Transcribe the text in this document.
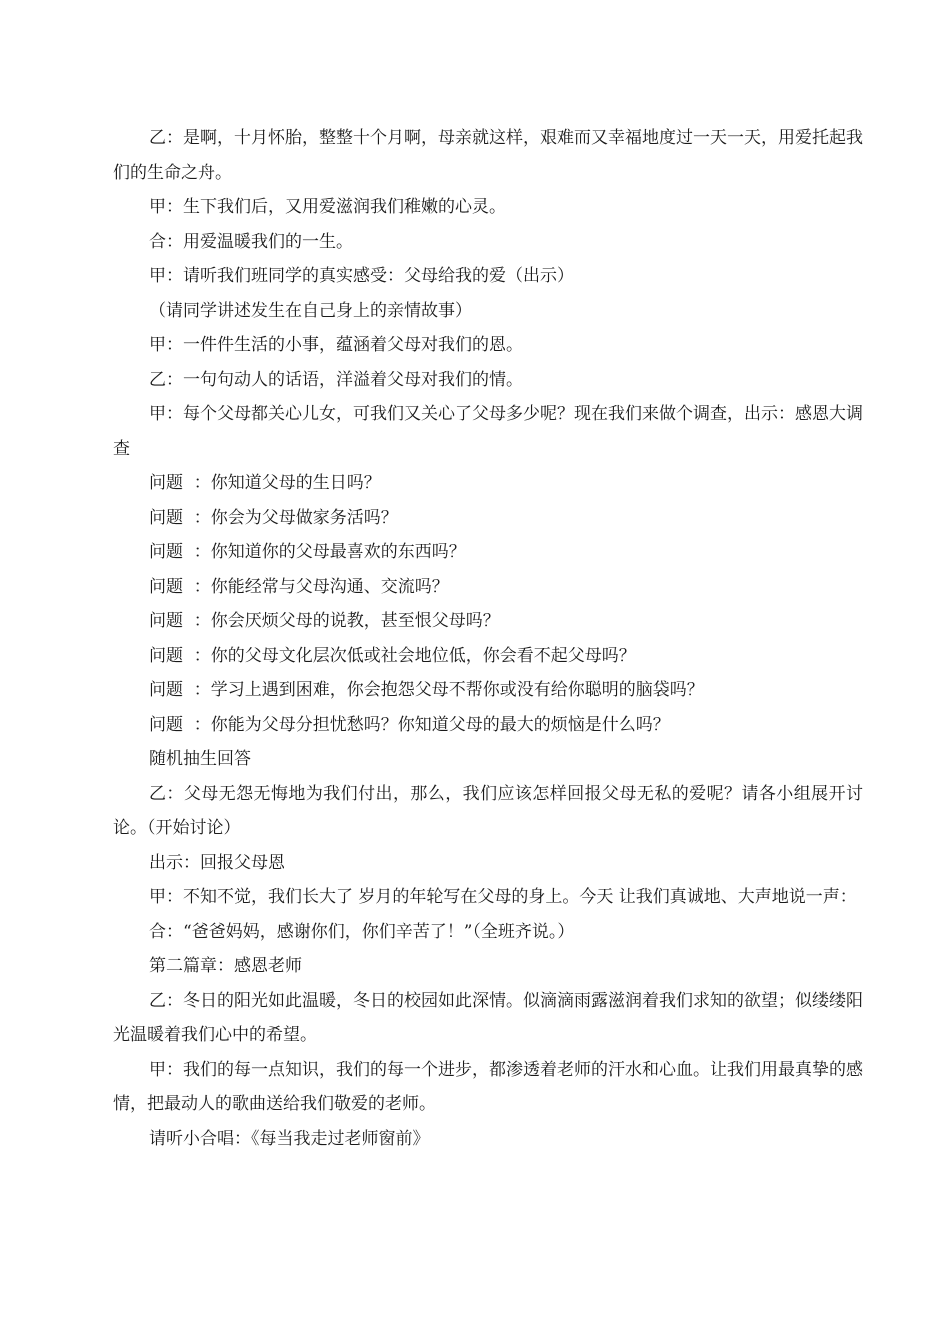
乙：是啊，十月怀胎，整整十个月啊，母亲就这样，艰难而又幸福地度过一天一天，用爱托起我们的生命之舟。

甲：生下我们后，又用爱滋润我们稚嫩的心灵。

合：用爱温暖我们的一生。

甲：请听我们班同学的真实感受：父母给我的爱（出示）

（请同学讲述发生在自己身上的亲情故事）

甲：一件件生活的小事，蕴涵着父母对我们的恩。

乙：一句句动人的话语，洋溢着父母对我们的情。

甲：每个父母都关心儿女，可我们又关心了父母多少呢？现在我们来做个调查，出示：感恩大调查

问题  ：你知道父母的生日吗？
问题  ：你会为父母做家务活吗？
问题  ：你知道你的父母最喜欢的东西吗？
问题  ：你能经常与父母沟通、交流吗？
问题  ：你会厌烦父母的说教，甚至恨父母吗？
问题  ：你的父母文化层次低或社会地位低，你会看不起父母吗？
问题  ：学习上遇到困难，你会抱怨父母不帮你或没有给你聪明的脑袋吗？
问题  ：你能为父母分担忧愁吗？你知道父母的最大的烦恼是什么吗？

随机抽生回答

乙：父母无怨无悔地为我们付出，那么，我们应该怎样回报父母无私的爱呢？请各小组展开讨论。（开始讨论）

出示：回报父母恩

甲：不知不觉，我们长大了 岁月的年轮写在父母的身上。今天 让我们真诚地、大声地说一声：

合：“爸爸妈妈，感谢你们，你们辛苦了！”（全班齐说。）

第二篇章：感恩老师

乙：冬日的阳光如此温暖，冬日的校园如此深情。似滴滴雨露滋润着我们求知的欲望；似缕缕阳光温暖着我们心中的希望。

甲：我们的每一点知识，我们的每一个进步，都渗透着老师的汗水和心血。让我们用最真挚的感情，把最动人的歌曲送给我们敬爱的老师。

请听小合唱：《每当我走过老师窗前》
